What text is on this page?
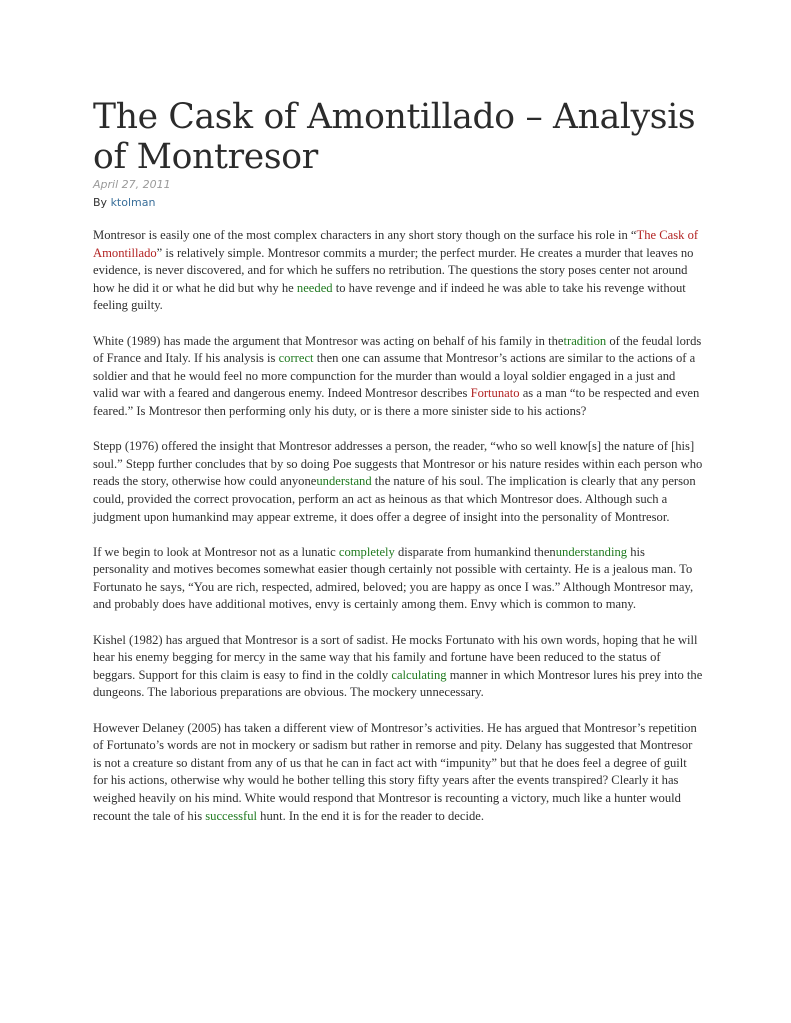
The Cask of Amontillado – Analysis of Montresor
April 27, 2011
By ktolman

Montresor is easily one of the most complex characters in any short story though on the surface his role in “The Cask of Amontillado” is relatively simple. Montresor commits a murder; the perfect murder. He creates a murder that leaves no evidence, is never discovered, and for which he suffers no retribution. The questions the story poses center not around how he did it or what he did but why he needed to have revenge and if indeed he was able to take his revenge without feeling guilty.

White (1989) has made the argument that Montresor was acting on behalf of his family in thetradition of the feudal lords of France and Italy. If his analysis is correct then one can assume that Montresor’s actions are similar to the actions of a soldier and that he would feel no more compunction for the murder than would a loyal soldier engaged in a just and valid war with a feared and dangerous enemy. Indeed Montresor describes Fortunato as a man “to be respected and even feared.” Is Montresor then performing only his duty, or is there a more sinister side to his actions?

Stepp (1976) offered the insight that Montresor addresses a person, the reader, “who so well know[s] the nature of [his] soul.” Stepp further concludes that by so doing Poe suggests that Montresor or his nature resides within each person who reads the story, otherwise how could anyoneunderstand the nature of his soul. The implication is clearly that any person could, provided the correct provocation, perform an act as heinous as that which Montresor does. Although such a judgment upon humankind may appear extreme, it does offer a degree of insight into the personality of Montresor.

If we begin to look at Montresor not as a lunatic completely disparate from humankind thenunderstanding his personality and motives becomes somewhat easier though certainly not possible with certainty. He is a jealous man. To Fortunato he says, “You are rich, respected, admired, beloved; you are happy as once I was.” Although Montresor may, and probably does have additional motives, envy is certainly among them. Envy which is common to many.

Kishel (1982) has argued that Montresor is a sort of sadist. He mocks Fortunato with his own words, hoping that he will hear his enemy begging for mercy in the same way that his family and fortune have been reduced to the status of beggars. Support for this claim is easy to find in the coldly calculating manner in which Montresor lures his prey into the dungeons. The laborious preparations are obvious. The mockery unnecessary.

However Delaney (2005) has taken a different view of Montresor’s activities. He has argued that Montresor’s repetition of Fortunato’s words are not in mockery or sadism but rather in remorse and pity. Delany has suggested that Montresor is not a creature so distant from any of us that he can in fact act with “impunity” but that he does feel a degree of guilt for his actions, otherwise why would he bother telling this story fifty years after the events transpired? Clearly it has weighed heavily on his mind. White would respond that Montresor is recounting a victory, much like a hunter would recount the tale of his successful hunt. In the end it is for the reader to decide.
